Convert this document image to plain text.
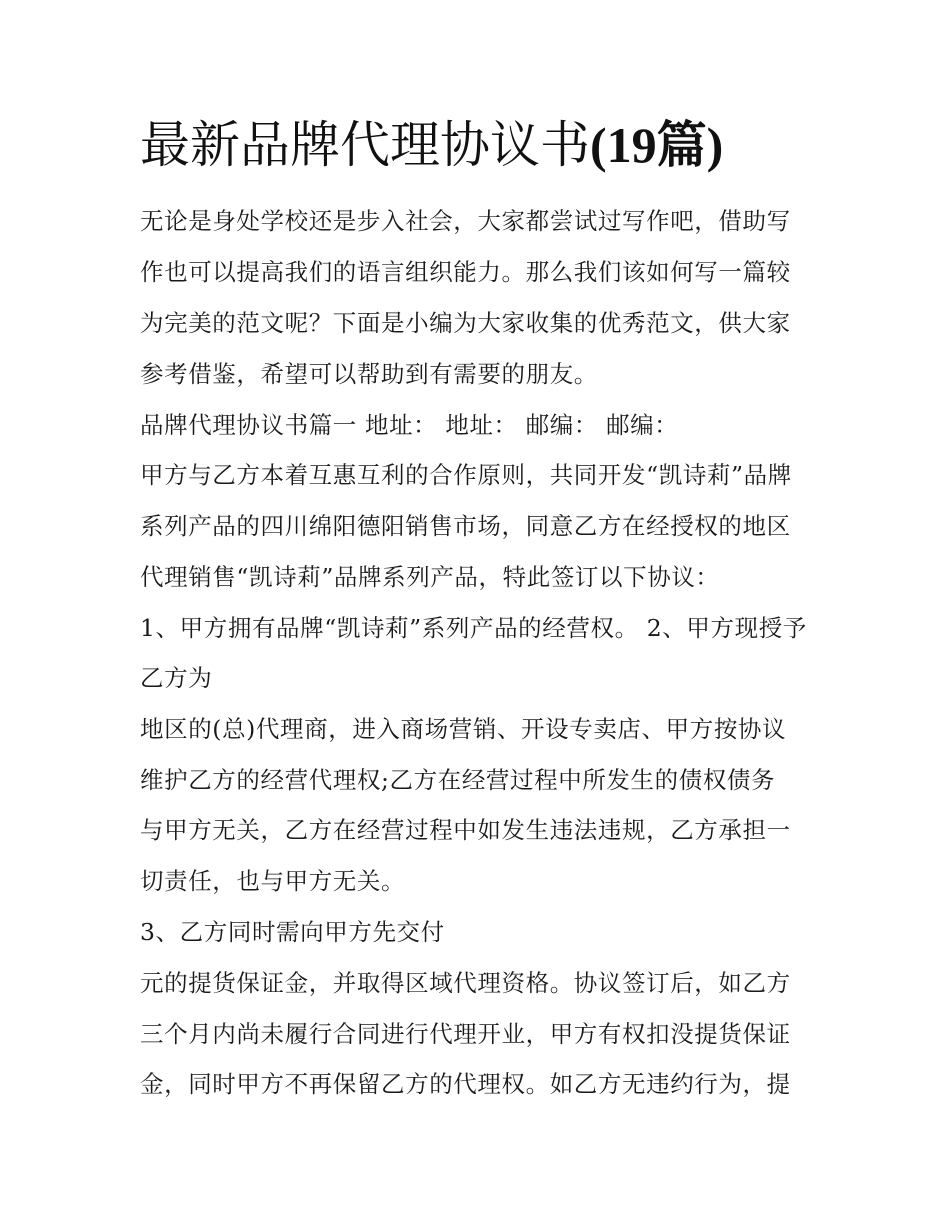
最新品牌代理协议书(19篇)

无论是身处学校还是步入社会，大家都尝试过写作吧，借助写

作也可以提高我们的语言组织能力。那么我们该如何写一篇较

为完美的范文呢？下面是小编为大家收集的优秀范文，供大家

参考借鉴，希望可以帮助到有需要的朋友。

品牌代理协议书篇一 地址： 地址： 邮编： 邮编：

甲方与乙方本着互惠互利的合作原则，共同开发“凯诗莉”品牌

系列产品的四川绵阳德阳销售市场，同意乙方在经授权的地区

代理销售“凯诗莉”品牌系列产品，特此签订以下协议：

1、甲方拥有品牌“凯诗莉”系列产品的经营权。 2、甲方现授予

乙方为

地区的(总)代理商，进入商场营销、开设专卖店、甲方按协议

维护乙方的经营代理权;乙方在经营过程中所发生的债权债务

与甲方无关，乙方在经营过程中如发生违法违规，乙方承担一

切责任，也与甲方无关。

3、乙方同时需向甲方先交付

元的提货保证金，并取得区域代理资格。协议签订后，如乙方

三个月内尚未履行合同进行代理开业，甲方有权扣没提货保证

金，同时甲方不再保留乙方的代理权。如乙方无违约行为，提
